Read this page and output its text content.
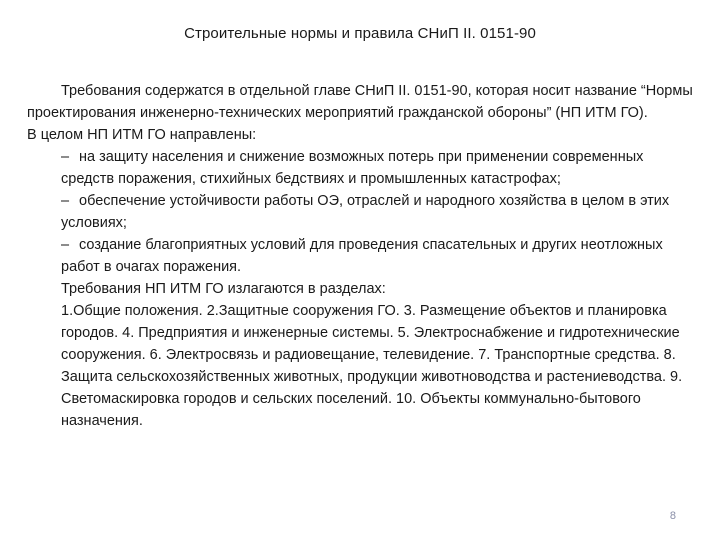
Строительные нормы и правила СНиП II. 0151-90

Требования содержатся в отдельной главе СНиП II. 0151-90, которая носит название “Нормы проектирования инженерно-технических мероприятий гражданской обороны” (НП ИТМ ГО).

В целом НП ИТМ ГО направлены:

– на защиту населения и снижение возможных потерь при применении современных средств поражения, стихийных бедствиях и промышленных катастрофах;

– обеспечение устойчивости работы ОЭ, отраслей и народного хозяйства в целом в этих условиях;

– создание благоприятных условий для проведения спасательных и других неотложных работ в очагах поражения.

Требования НП ИТМ ГО излагаются в разделах:

1.Общие положения. 2.Защитные сооружения ГО. 3. Размещение объектов и планировка городов. 4. Предприятия и инженерные системы. 5. Электроснабжение и гидротехнические сооружения. 6. Электросвязь и радиовещание, телевидение. 7. Транспортные средства. 8. Защита сельскохозяйственных животных, продукции животноводства и растениеводства. 9. Светомаскировка городов и сельских поселений. 10. Объекты коммунально-бытового назначения.

8
